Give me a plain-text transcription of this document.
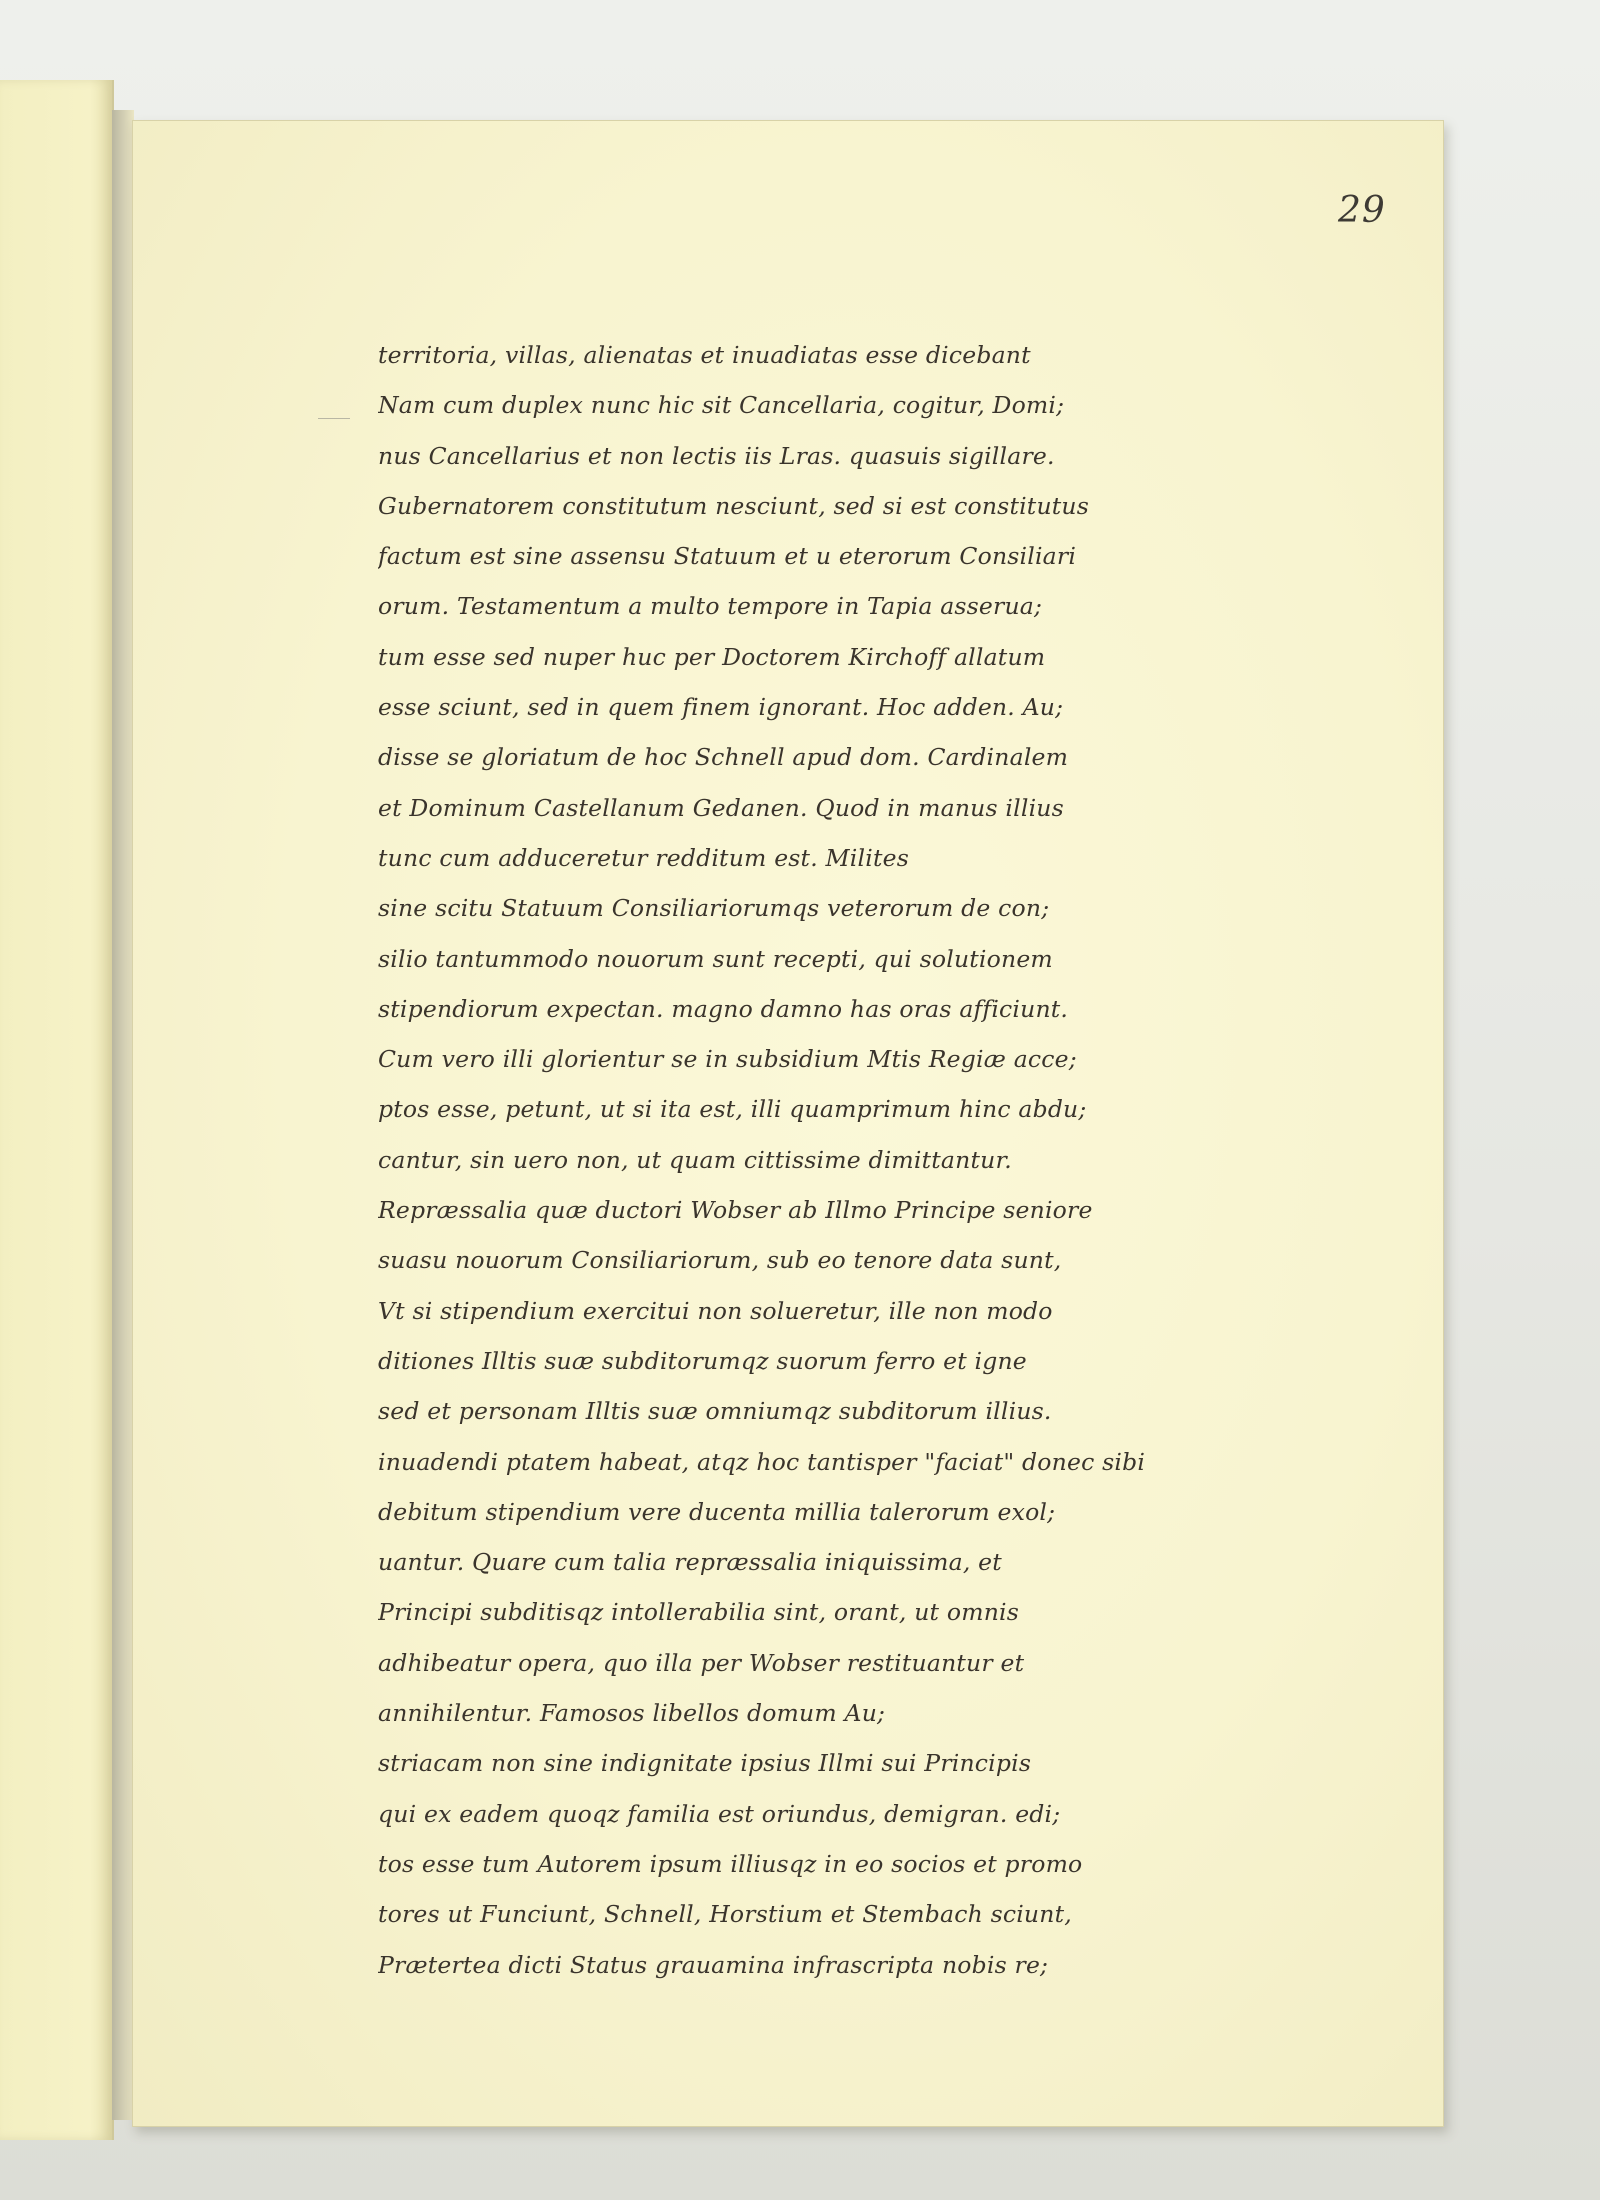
29
territoria, villas, alienatas et inuadiatas esse dicebant
Nam cum duplex nunc hic sit Cancellaria, cogitur, Domi;
nus Cancellarius et non lectis iis Lras. quasuis sigillare.
Gubernatorem constitutum nesciunt, sed si est constitutus
factum est sine assensu Statuum et u eterorum Consiliari
orum. Testamentum a multo tempore in Tapia asserua;
tum esse sed nuper huc per Doctorem Kirchoff allatum
esse sciunt, sed in quem finem ignorant. Hoc adden. Au;
disse se gloriatum de hoc Schnell apud dom. Cardinalem
et Dominum Castellanum Gedanen. Quod in manus illius
tunc cum adduceretur redditum est. Milites
sine scitu Statuum Consiliariorumqs veterorum de con;
silio tantummodo nouorum sunt recepti, qui solutionem
stipendiorum expectan. magno damno has oras afficiunt.
Cum vero illi glorientur se in subsidium Mtis Regiæ acce;
ptos esse, petunt, ut si ita est, illi quamprimum hinc abdu;
cantur, sin uero non, ut quam cittissime dimittantur.
Repræssalia quæ ductori Wobser ab Illmo Principe seniore
suasu nouorum Consiliariorum, sub eo tenore data sunt,
Vt si stipendium exercitui non solueretur, ille non modo
ditiones Illtis suæ subditorumqz suorum ferro et igne
sed et personam Illtis suæ omniumqz subditorum illius.
inuadendi ptatem habeat, atqz hoc tantisper "faciat" donec sibi
debitum stipendium vere ducenta millia talerorum exol;
uantur. Quare cum talia repræssalia iniquissima, et
Principi subditisqz intollerabilia sint, orant, ut omnis
adhibeatur opera, quo illa per Wobser restituantur et
annihilentur. Famosos libellos domum Au;
striacam non sine indignitate ipsius Illmi sui Principis
qui ex eadem quoqz familia est oriundus, demigran. edi;
tos esse tum Autorem ipsum illiusqz in eo socios et promo
tores ut Funciunt, Schnell, Horstium et Stembach sciunt,
Prætertea dicti Status grauamina infrascripta nobis re;
